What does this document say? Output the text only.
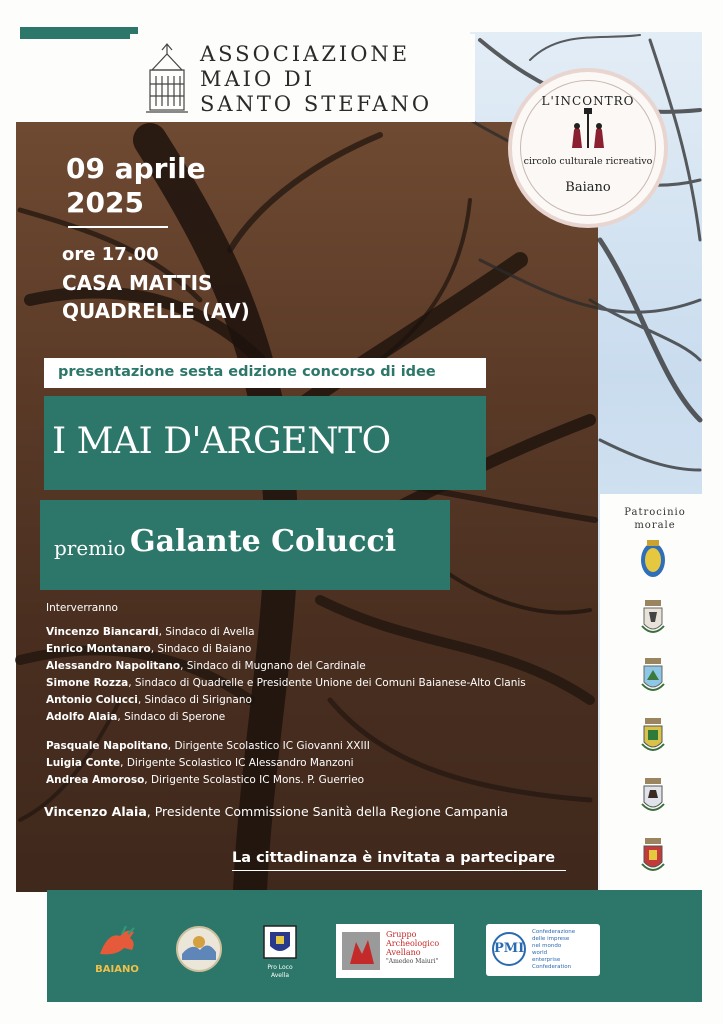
ASSOCIAZIONE
MAIO DI
SANTO STEFANO	L'INCONTRO
circolo culturale ricreativo
Baiano
09 aprile
2025
ore 17.00
CASA MATTIS
QUADRELLE (AV)
presentazione sesta edizione concorso di idee
I MAI D'ARGENTO
premio Galante Colucci
Interverranno
Vincenzo Biancardi, Sindaco di Avella
Enrico Montanaro, Sindaco di Baiano
Alessandro Napolitano, Sindaco di Mugnano del Cardinale
Simone Rozza, Sindaco di Quadrelle e Presidente Unione dei Comuni Baianese-Alto Clanis
Antonio Colucci, Sindaco di Sirignano
Adolfo Alaia, Sindaco di Sperone
Pasquale Napolitano, Dirigente Scolastico IC Giovanni XXIII
Luigia Conte, Dirigente Scolastico IC Alessandro Manzoni
Andrea Amoroso, Dirigente Scolastico IC Mons. P. Guerrieo
Vincenzo Alaia, Presidente Commissione Sanità della Regione Campania
La cittadinanza è invitata a partecipare
Patrocinio
morale
BAIANO	Pro Loco Avella
Gruppo
Archeologico
Avellano
"Amedeo Maiuri"
PMI
Confederazione
delle imprese
nel mondo
world
enterprise
Confederation
